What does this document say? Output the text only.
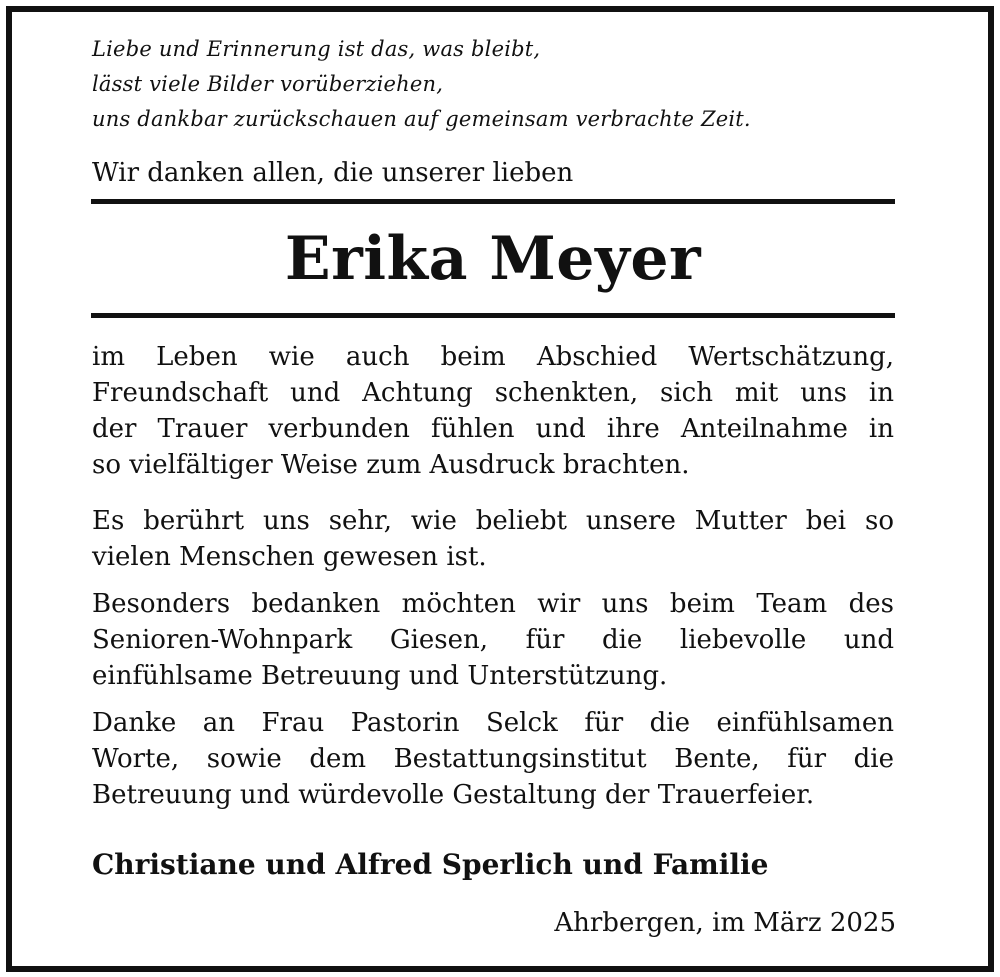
Liebe und Erinnerung ist das, was bleibt,
lässt viele Bilder vorüberziehen,
uns dankbar zurückschauen auf gemeinsam verbrachte Zeit.
Wir danken allen, die unserer lieben
Erika Meyer
im Leben wie auch beim Abschied Wertschätzung,
Freundschaft und Achtung schenkten, sich mit uns in
der Trauer verbunden fühlen und ihre Anteilnahme in
so vielfältiger Weise zum Ausdruck brachten.
Es berührt uns sehr, wie beliebt unsere Mutter bei so
vielen Menschen gewesen ist.
Besonders bedanken möchten wir uns beim Team des
Senioren-Wohnpark Giesen, für die liebevolle und
einfühlsame Betreuung und Unterstützung.
Danke an Frau Pastorin Selck für die einfühlsamen
Worte, sowie dem Bestattungsinstitut Bente, für die
Betreuung und würdevolle Gestaltung der Trauerfeier.
Christiane und Alfred Sperlich und Familie
Ahrbergen, im März 2025
